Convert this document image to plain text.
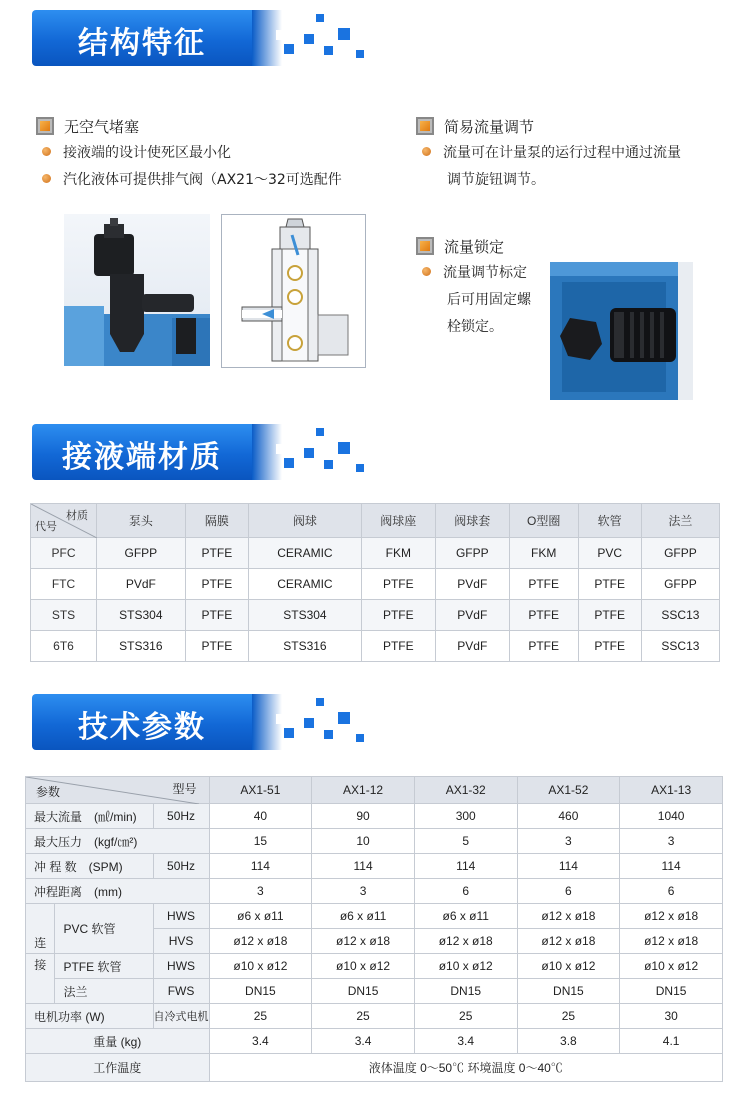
结构特征
无空气堵塞
接液端的设计使死区最小化
汽化液体可提供排气阀（AX21～32可选配件
简易流量调节
流量可在计量泵的运行过程中通过流量
调节旋钮调节。
流量锁定
流量调节标定
后可用固定螺
栓锁定。
接液端材质
材质
代号	泵头	隔膜	阀球	阀球座	阀球套	O型圈	软管	法兰
PFC	GFPP	PTFE	CERAMIC	FKM	GFPP	FKM	PVC	GFPP
FTC	PVdF	PTFE	CERAMIC	PTFE	PVdF	PTFE	PTFE	GFPP
STS	STS304	PTFE	STS304	PTFE	PVdF	PTFE	PTFE	SSC13
6T6	STS316	PTFE	STS316	PTFE	PVdF	PTFE	PTFE	SSC13
技术参数
型号
参数			AX1-51	AX1-12	AX1-32	AX1-52	AX1-13
最大流量　(㎖/min)		50Hz	40	90	300	460	1040
最大压力　(kgf/㎝²)			15	10	5	3	3
冲 程 数　(SPM)		50Hz	114	114	114	114	114
冲程距离　(mm)			3	3	6	6	6
连	PVC 软管	HWS	ø6 x ø11	ø6 x ø11	ø6 x ø11	ø12 x ø18	ø12 x ø18
		HVS	ø12 x ø18	ø12 x ø18	ø12 x ø18	ø12 x ø18	ø12 x ø18
接	PTFE 软管	HWS	ø10 x ø12	ø10 x ø12	ø10 x ø12	ø10 x ø12	ø10 x ø12
	法兰	FWS	DN15	DN15	DN15	DN15	DN15
电机功率 (W)		自冷式电机	25	25	25	25	30
重量 (kg)			3.4	3.4	3.4	3.8	4.1
工作温度			液体温度 0～50℃ 环境温度 0～40℃				
